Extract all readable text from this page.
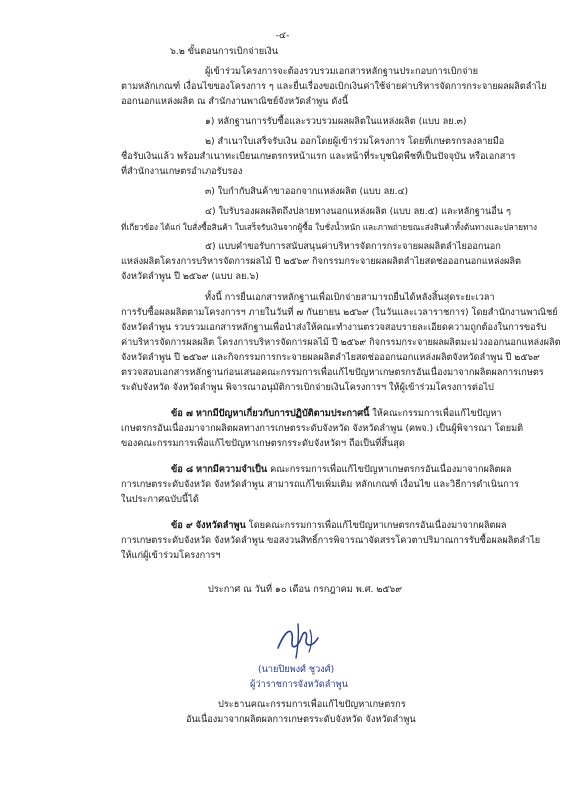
-๔-
๖.๒ ขั้นตอนการเบิกจ่ายเงิน
ผู้เข้าร่วมโครงการจะต้องรวบรวมเอกสารหลักฐานประกอบการเบิกจ่าย
ตามหลักเกณฑ์ เงื่อนไขของโครงการ ๆ และยื่นเรื่องขอเบิกเงินค่าใช้จ่ายค่าบริหารจัดการกระจายผลผลิตลำไย
ออกนอกแหล่งผลิต ณ สำนักงานพาณิชย์จังหวัดลำพูน ดังนี้
๑) หลักฐานการรับซื้อและรวบรวมผลผลิตในแหล่งผลิต (แบบ ลย.๓)
๒) สำเนาใบเสร็จรับเงิน ออกโดยผู้เข้าร่วมโครงการ โดยที่เกษตรกรลงลายมือ
ชื่อรับเงินแล้ว พร้อมสำเนาทะเบียนเกษตรกรหน้าแรก และหน้าที่ระบุชนิดพืชที่เป็นปัจจุบัน หรือเอกสาร
ที่สำนักงานเกษตรอำเภอรับรอง
๓) ใบกำกับสินค้าขาออกจากแหล่งผลิต (แบบ ลย.๔)
๔) ใบรับรองผลผลิตถึงปลายทางนอกแหล่งผลิต (แบบ ลย.๕) และหลักฐานอื่น ๆ
ที่เกี่ยวข้อง ได้แก่ ใบสั่งซื้อสินค้า ใบเสร็จรับเงินจากผู้ซื้อ ใบชั่งน้ำหนัก และภาพถ่ายขณะส่งสินค้าทั้งต้นทางและปลายทาง
๕) แบบคำขอรับการสนับสนุนค่าบริหารจัดการกระจายผลผลิตลำไยออกนอก
แหล่งผลิตโครงการบริหารจัดการผลไม้ ปี ๒๕๖๙ กิจกรรมกระจายผลผลิตลำไยสดช่อออกนอกแหล่งผลิต
จังหวัดลำพูน ปี ๒๕๖๙ (แบบ ลย.๖)
ทั้งนี้ การยื่นเอกสารหลักฐานเพื่อเบิกจ่ายสามารถยื่นได้หลังสิ้นสุดระยะเวลา
การรับซื้อผลผลิตตามโครงการฯ ภายในวันที่ ๗ กันยายน ๒๕๖๙ (ในวันและเวลาราชการ) โดยสำนักงานพาณิชย์
จังหวัดลำพูน รวบรวมเอกสารหลักฐานเพื่อนำส่งให้คณะทำงานตรวจสอบรายละเอียดความถูกต้องในการขอรับ
ค่าบริหารจัดการผลผลิต โครงการบริหารจัดการผลไม้ ปี ๒๕๖๙ กิจกรรมกระจายผลผลิตมะม่วงออกนอกแหล่งผลิต
จังหวัดลำพูน ปี ๒๕๖๙ และกิจกรรมการกระจายผลผลิตลำไยสดช่อออกนอกแหล่งผลิตจังหวัดลำพูน ปี ๒๕๖๙
ตรวจสอบเอกสารหลักฐานก่อนเสนอคณะกรรมการเพื่อแก้ไขปัญหาเกษตรกรอันเนื่องมาจากผลิตผลการเกษตร
ระดับจังหวัด จังหวัดลำพูน พิจารณาอนุมัติการเบิกจ่ายเงินโครงการฯ ให้ผู้เข้าร่วมโครงการต่อไป
ข้อ ๗ หากมีปัญหาเกี่ยวกับการปฏิบัติตามประกาศนี้ ให้คณะกรรมการเพื่อแก้ไขปัญหา
เกษตรกรอันเนื่องมาจากผลิตผลทางการเกษตรระดับจังหวัด จังหวัดลำพูน (คพจ.) เป็นผู้พิจารณา โดยมติ
ของคณะกรรมการเพื่อแก้ไขปัญหาเกษตรกรระดับจังหวัดฯ ถือเป็นที่สิ้นสุด
ข้อ ๘ หากมีความจำเป็น คณะกรรมการเพื่อแก้ไขปัญหาเกษตรกรอันเนื่องมาจากผลิตผล
การเกษตรระดับจังหวัด จังหวัดลำพูน สามารถแก้ไขเพิ่มเติม หลักเกณฑ์ เงื่อนไข และวิธีการดำเนินการ
ในประกาศฉบับนี้ได้
ข้อ ๙ จังหวัดลำพูน โดยคณะกรรมการเพื่อแก้ไขปัญหาเกษตรกรอันเนื่องมาจากผลิตผล
การเกษตรระดับจังหวัด จังหวัดลำพูน ขอสงวนสิทธิ์การพิจารณาจัดสรรโควตาปริมาณการรับซื้อผลผลิตลำไย
ให้แก่ผู้เข้าร่วมโครงการฯ
ประกาศ ณ วันที่ ๑๐ เดือน กรกฎาคม พ.ศ. ๒๕๖๙
(นายปิยพงศ์ ชูวงศ์)
ผู้ว่าราชการจังหวัดลำพูน
ประธานคณะกรรมการเพื่อแก้ไขปัญหาเกษตรกร
อันเนื่องมาจากผลิตผลการเกษตรระดับจังหวัด จังหวัดลำพูน
